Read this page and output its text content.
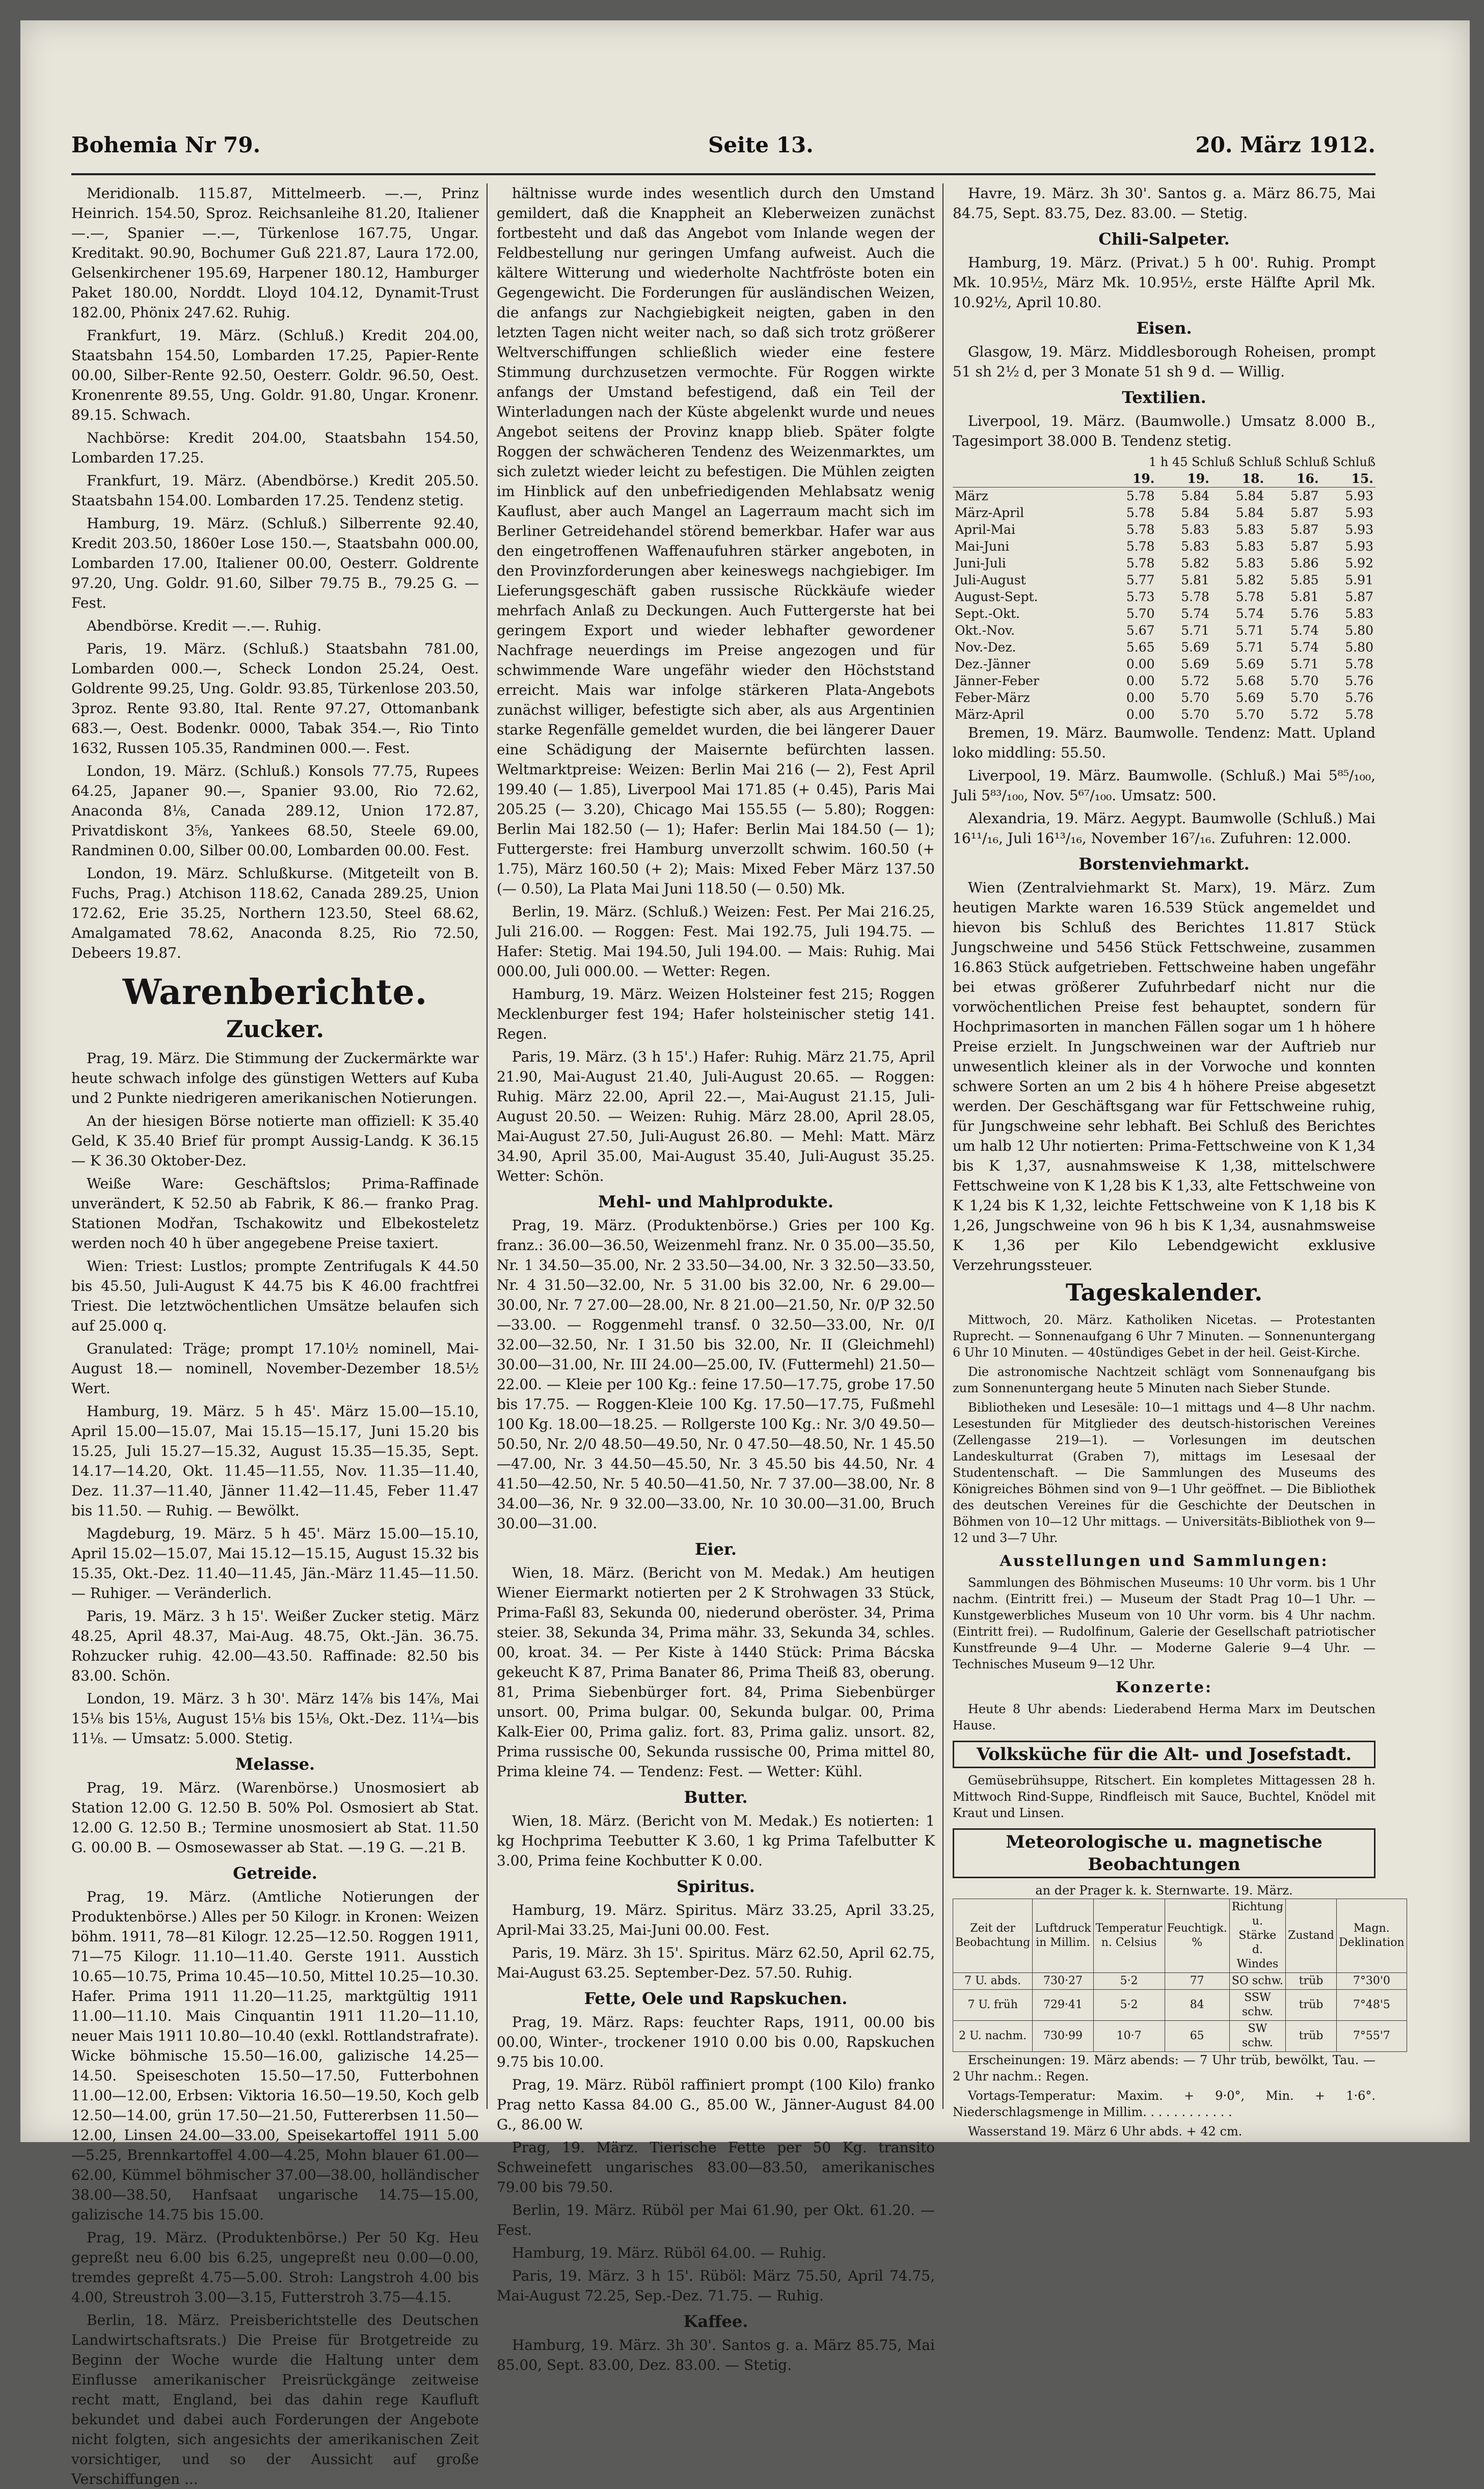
Bohemia Nr 79.	Seite 13.	20. März 1912.

Meridionalb. 115.87, Mittelmeerb. —.—, Prinz Heinrich. 154.50, Sproz. Reichsanleihe 81.20, Italiener —.—, Spanier —.—, Türkenlose 167.75, Ungar. Kreditakt. 90.90, Bochumer Guß 221.87, Laura 172.00, Gelsenkirchener 195.69, Harpener 180.12, Hamburger Paket 180.00, Norddt. Lloyd 104.12, Dynamit-Trust 182.00, Phönix 247.62. Ruhig.

Frankfurt, 19. März. (Schluß.) Kredit 204.00, Staatsbahn 154.50, Lombarden 17.25, Papier-Rente 00.00, Silber-Rente 92.50, Oesterr. Goldr. 96.50, Oest. Kronenrente 89.55, Ung. Goldr. 91.80, Ungar. Kronenr. 89.15. Schwach.

Nachbörse: Kredit 204.00, Staatsbahn 154.50, Lombarden 17.25.

Frankfurt, 19. März. (Abendbörse.) Kredit 205.50. Staatsbahn 154.00. Lombarden 17.25. Tendenz stetig.

Hamburg, 19. März. (Schluß.) Silberrente 92.40, Kredit 203.50, 1860er Lose 150.—, Staatsbahn 000.00, Lombarden 17.00, Italiener 00.00, Oesterr. Goldrente 97.20, Ung. Goldr. 91.60, Silber 79.75 B., 79.25 G. — Fest.

Abendbörse. Kredit —.—. Ruhig.

Paris, 19. März. (Schluß.) Staatsbahn 781.00, Lombarden 000.—, Scheck London 25.24, Oest. Goldrente 99.25, Ung. Goldr. 93.85, Türkenlose 203.50, 3proz. Rente 93.80, Ital. Rente 97.27, Ottomanbank 683.—, Oest. Bodenkr. 0000, Tabak 354.—, Rio Tinto 1632, Russen 105.35, Randminen 000.—. Fest.

London, 19. März. (Schluß.) Konsols 77.75, Rupees 64.25, Japaner 90.—, Spanier 93.00, Rio 72.62, Anaconda 8⅛, Canada 289.12, Union 172.87, Privatdiskont 3⅝, Yankees 68.50, Steele 69.00, Randminen 0.00, Silber 00.00, Lombarden 00.00. Fest.

London, 19. März. Schlußkurse. (Mitgeteilt von B. Fuchs, Prag.) Atchison 118.62, Canada 289.25, Union 172.62, Erie 35.25, Northern 123.50, Steel 68.62, Amalgamated 78.62, Anaconda 8.25, Rio 72.50, Debeers 19.87.

Warenberichte.
Zucker.

Prag, 19. März. Die Stimmung der Zuckermärkte war heute schwach infolge des günstigen Wetters auf Kuba und 2 Punkte niedrigeren amerikanischen Notierungen.

An der hiesigen Börse notierte man offiziell: K 35.40 Geld, K 35.40 Brief für prompt Aussig-Landg. K 36.15 — K 36.30 Oktober-Dez.

Weiße Ware: Geschäftslos; Prima-Raffinade unverändert, K 52.50 ab Fabrik, K 86.— franko Prag. Stationen Modřan, Tschakowitz und Elbekosteletz werden noch 40 h über angegebene Preise taxiert.

Wien: Triest: Lustlos; prompte Zentrifugals K 44.50 bis 45.50, Juli-August K 44.75 bis K 46.00 frachtfrei Triest. Die letztwöchentlichen Umsätze belaufen sich auf 25.000 q.

Granulated: Träge; prompt 17.10½ nominell, Mai-August 18.— nominell, November-Dezember 18.5½ Wert.

Hamburg, 19. März. 5 h 45'. März 15.00—15.10, April 15.00—15.07, Mai 15.15—15.17, Juni 15.20 bis 15.25, Juli 15.27—15.32, August 15.35—15.35, Sept. 14.17—14.20, Okt. 11.45—11.55, Nov. 11.35—11.40, Dez. 11.37—11.40, Jänner 11.42—11.45, Feber 11.47 bis 11.50. — Ruhig. — Bewölkt.

Magdeburg, 19. März. 5 h 45'. März 15.00—15.10, April 15.02—15.07, Mai 15.12—15.15, August 15.32 bis 15.35, Okt.-Dez. 11.40—11.45, Jän.-März 11.45—11.50. — Ruhiger. — Veränderlich.

Paris, 19. März. 3 h 15'. Weißer Zucker stetig. März 48.25, April 48.37, Mai-Aug. 48.75, Okt.-Jän. 36.75. Rohzucker ruhig. 42.00—43.50. Raffinade: 82.50 bis 83.00. Schön.

London, 19. März. 3 h 30'. März 14⅞ bis 14⅞, Mai 15⅛ bis 15⅛, August 15⅛ bis 15⅛, Okt.-Dez. 11¼—bis 11⅛. — Umsatz: 5.000. Stetig.

Melasse.

Prag, 19. März. (Warenbörse.) Unosmosiert ab Station 12.00 G. 12.50 B. 50% Pol. Osmosiert ab Stat. 12.00 G. 12.50 B.; Termine unosmosiert ab Stat. 11.50 G. 00.00 B. — Osmosewasser ab Stat. —.19 G. —.21 B.

Getreide.

Prag, 19. März. (Amtliche Notierungen der Produktenbörse.) Alles per 50 Kilogr. in Kronen: Weizen böhm. 1911, 78—81 Kilogr. 12.25—12.50. Roggen 1911, 71—75 Kilogr. 11.10—11.40. Gerste 1911. Ausstich 10.65—10.75, Prima 10.45—10.50, Mittel 10.25—10.30. Hafer. Prima 1911 11.20—11.25, marktgültig 1911 11.00—11.10. Mais Cinquantin 1911 11.20—11.10, neuer Mais 1911 10.80—10.40 (exkl. Rottlandstrafrate). Wicke böhmische 15.50—16.00, galizische 14.25—14.50. Speiseschoten 15.50—17.50, Futterbohnen 11.00—12.00, Erbsen: Viktoria 16.50—19.50, Koch gelb 12.50—14.00, grün 17.50—21.50, Futtererbsen 11.50—12.00, Linsen 24.00—33.00, Speisekartoffel 1911 5.00—5.25, Brennkartoffel 4.00—4.25, Mohn blauer 61.00—62.00, Kümmel böhmischer 37.00—38.00, holländischer 38.00—38.50, Hanfsaat ungarische 14.75—15.00, galizische 14.75 bis 15.00.

Prag, 19. März. (Produktenbörse.) Per 50 Kg. Heu gepreßt neu 6.00 bis 6.25, ungepreßt neu 0.00—0.00, tremdes gepreßt 4.75—5.00. Stroh: Langstroh 4.00 bis 4.00, Streustroh 3.00—3.15, Futterstroh 3.75—4.15.

Berlin, 18. März. Preisberichtstelle des Deutschen Landwirtschaftsrats.) Die Preise für Brotgetreide zu Beginn der Woche wurde die Haltung unter dem Einflusse amerikanischer Preisrückgänge zeitweise recht matt, England, bei das dahin rege Kaufluft bekundet und dabei auch Forderungen der Angebote nicht folgten, sich angesichts der amerikanischen Zeit vorsichtiger, und so der Aussicht auf große Verschiffungen ...

hältnisse wurde indes wesentlich durch den Umstand gemildert, daß die Knappheit an Kleberweizen zunächst fortbesteht und daß das Angebot vom Inlande wegen der Feldbestellung nur geringen Umfang aufweist. Auch die kältere Witterung und wiederholte Nachtfröste boten ein Gegengewicht. Die Forderungen für ausländischen Weizen, die anfangs zur Nachgiebigkeit neigten, gaben in den letzten Tagen nicht weiter nach, so daß sich trotz größerer Weltverschiffungen schließlich wieder eine festere Stimmung durchzusetzen vermochte. Für Roggen wirkte anfangs der Umstand befestigend, daß ein Teil der Winterladungen nach der Küste abgelenkt wurde und neues Angebot seitens der Provinz knapp blieb. Später folgte Roggen der schwächeren Tendenz des Weizenmarktes, um sich zuletzt wieder leicht zu befestigen. Die Mühlen zeigten im Hinblick auf den unbefriedigenden Mehlabsatz wenig Kauflust, aber auch Mangel an Lagerraum macht sich im Berliner Getreidehandel störend bemerkbar. Hafer war aus den eingetroffenen Waffenaufuhren stärker angeboten, in den Provinzforderungen aber keineswegs nachgiebiger. Im Lieferungsgeschäft gaben russische Rückkäufe wieder mehrfach Anlaß zu Deckungen. Auch Futtergerste hat bei geringem Export und wieder lebhafter gewordener Nachfrage neuerdings im Preise angezogen und für schwimmende Ware ungefähr wieder den Höchststand erreicht. Mais war infolge stärkeren Plata-Angebots zunächst williger, befestigte sich aber, als aus Argentinien starke Regenfälle gemeldet wurden, die bei längerer Dauer eine Schädigung der Maisernte befürchten lassen. Weltmarktpreise: Weizen: Berlin Mai 216 (— 2), Fest April 199.40 (— 1.85), Liverpool Mai 171.85 (+ 0.45), Paris Mai 205.25 (— 3.20), Chicago Mai 155.55 (— 5.80); Roggen: Berlin Mai 182.50 (— 1); Hafer: Berlin Mai 184.50 (— 1); Futtergerste: frei Hamburg unverzollt schwim. 160.50 (+ 1.75), März 160.50 (+ 2); Mais: Mixed Feber März 137.50 (— 0.50), La Plata Mai Juni 118.50 (— 0.50) Mk.

Berlin, 19. März. (Schluß.) Weizen: Fest. Per Mai 216.25, Juli 216.00. — Roggen: Fest. Mai 192.75, Juli 194.75. — Hafer: Stetig. Mai 194.50, Juli 194.00. — Mais: Ruhig. Mai 000.00, Juli 000.00. — Wetter: Regen.

Hamburg, 19. März. Weizen Holsteiner fest 215; Roggen Mecklenburger fest 194; Hafer holsteinischer stetig 141. Regen.

Paris, 19. März. (3 h 15'.) Hafer: Ruhig. März 21.75, April 21.90, Mai-August 21.40, Juli-August 20.65. — Roggen: Ruhig. März 22.00, April 22.—, Mai-August 21.15, Juli-August 20.50. — Weizen: Ruhig. März 28.00, April 28.05, Mai-August 27.50, Juli-August 26.80. — Mehl: Matt. März 34.90, April 35.00, Mai-August 35.40, Juli-August 35.25. Wetter: Schön.

Mehl- und Mahlprodukte.

Prag, 19. März. (Produktenbörse.) Gries per 100 Kg. franz.: 36.00—36.50, Weizenmehl franz. Nr. 0 35.00—35.50, Nr. 1 34.50—35.00, Nr. 2 33.50—34.00, Nr. 3 32.50—33.50, Nr. 4 31.50—32.00, Nr. 5 31.00 bis 32.00, Nr. 6 29.00—30.00, Nr. 7 27.00—28.00, Nr. 8 21.00—21.50, Nr. 0/P 32.50—33.00. — Roggenmehl transf. 0 32.50—33.00, Nr. 0/I 32.00—32.50, Nr. I 31.50 bis 32.00, Nr. II (Gleichmehl) 30.00—31.00, Nr. III 24.00—25.00, IV. (Futtermehl) 21.50—22.00. — Kleie per 100 Kg.: feine 17.50—17.75, grobe 17.50 bis 17.75. — Roggen-Kleie 100 Kg. 17.50—17.75, Fußmehl 100 Kg. 18.00—18.25. — Rollgerste 100 Kg.: Nr. 3/0 49.50—50.50, Nr. 2/0 48.50—49.50, Nr. 0 47.50—48.50, Nr. 1 45.50—47.00, Nr. 3 44.50—45.50, Nr. 3 45.50 bis 44.50, Nr. 4 41.50—42.50, Nr. 5 40.50—41.50, Nr. 7 37.00—38.00, Nr. 8 34.00—36, Nr. 9 32.00—33.00, Nr. 10 30.00—31.00, Bruch 30.00—31.00.

Eier.

Wien, 18. März. (Bericht von M. Medak.) Am heutigen Wiener Eiermarkt notierten per 2 K Strohwagen 33 Stück, Prima-Faßl 83, Sekunda 00, niederund oberöster. 34, Prima steier. 38, Sekunda 34, Prima mähr. 33, Sekunda 34, schles. 00, kroat. 34. — Per Kiste à 1440 Stück: Prima Bácska gekeucht K 87, Prima Banater 86, Prima Theiß 83, oberung. 81, Prima Siebenbürger fort. 84, Prima Siebenbürger unsort. 00, Prima bulgar. 00, Sekunda bulgar. 00, Prima Kalk-Eier 00, Prima galiz. fort. 83, Prima galiz. unsort. 82, Prima russische 00, Sekunda russische 00, Prima mittel 80, Prima kleine 74. — Tendenz: Fest. — Wetter: Kühl.

Butter.

Wien, 18. März. (Bericht von M. Medak.) Es notierten: 1 kg Hochprima Teebutter K 3.60, 1 kg Prima Tafelbutter K 3.00, Prima feine Kochbutter K 0.00.

Spiritus.

Hamburg, 19. März. Spiritus. März 33.25, April 33.25, April-Mai 33.25, Mai-Juni 00.00. Fest.

Paris, 19. März. 3h 15'. Spiritus. März 62.50, April 62.75, Mai-August 63.25. September-Dez. 57.50. Ruhig.

Fette, Oele und Rapskuchen.

Prag, 19. März. Raps: feuchter Raps, 1911, 00.00 bis 00.00, Winter-, trockener 1910 0.00 bis 0.00, Rapskuchen 9.75 bis 10.00.

Prag, 19. März. Rüböl raffiniert prompt (100 Kilo) franko Prag netto Kassa 84.00 G., 85.00 W., Jänner-August 84.00 G., 86.00 W.

Prag, 19. März. Tierische Fette per 50 Kg. transito Schweinefett ungarisches 83.00—83.50, amerikanisches 79.00 bis 79.50.

Berlin, 19. März. Rüböl per Mai 61.90, per Okt. 61.20. — Fest.

Hamburg, 19. März. Rüböl 64.00. — Ruhig.

Paris, 19. März. 3 h 15'. Rüböl: März 75.50, April 74.75, Mai-August 72.25, Sep.-Dez. 71.75. — Ruhig.

Kaffee.

Hamburg, 19. März. 3h 30'. Santos g. a. März 85.75, Mai 85.00, Sept. 83.00, Dez. 83.00. — Stetig.

Havre, 19. März. 3h 30'. Santos g. a. März 86.75, Mai 84.75, Sept. 83.75, Dez. 83.00. — Stetig.

Chili-Salpeter.

Hamburg, 19. März. (Privat.) 5 h 00'. Ruhig. Prompt Mk. 10.95½, März Mk. 10.95½, erste Hälfte April Mk. 10.92½, April 10.80.

Eisen.

Glasgow, 19. März. Middlesborough Roheisen, prompt 51 sh 2½ d, per 3 Monate 51 sh 9 d. — Willig.

Textilien.

Liverpool, 19. März. (Baumwolle.) Umsatz 8.000 B., Tagesimport 38.000 B. Tendenz stetig.

1 h 45 Schluß Schluß Schluß Schluß
	19.	19.	18.	16.	15.
März	5.78	5.84	5.84	5.87	5.93
März-April	5.78	5.84	5.84	5.87	5.93
April-Mai	5.78	5.83	5.83	5.87	5.93
Mai-Juni	5.78	5.83	5.83	5.87	5.93
Juni-Juli	5.78	5.82	5.83	5.86	5.92
Juli-August	5.77	5.81	5.82	5.85	5.91
August-Sept.	5.73	5.78	5.78	5.81	5.87
Sept.-Okt.	5.70	5.74	5.74	5.76	5.83
Okt.-Nov.	5.67	5.71	5.71	5.74	5.80
Nov.-Dez.	5.65	5.69	5.71	5.74	5.80
Dez.-Jänner	0.00	5.69	5.69	5.71	5.78
Jänner-Feber	0.00	5.72	5.68	5.70	5.76
Feber-März	0.00	5.70	5.69	5.70	5.76
März-April	0.00	5.70	5.70	5.72	5.78

Bremen, 19. März. Baumwolle. Tendenz: Matt. Upland loko middling: 55.50.

Liverpool, 19. März. Baumwolle. (Schluß.) Mai 5⁸⁵/₁₀₀, Juli 5⁸³/₁₀₀, Nov. 5⁶⁷/₁₀₀. Umsatz: 500.

Alexandria, 19. März. Aegypt. Baumwolle (Schluß.) Mai 16¹¹/₁₆, Juli 16¹³/₁₆, November 16⁷/₁₆. Zufuhren: 12.000.

Borstenviehmarkt.

Wien (Zentralviehmarkt St. Marx), 19. März. Zum heutigen Markte waren 16.539 Stück angemeldet und hievon bis Schluß des Berichtes 11.817 Stück Jungschweine und 5456 Stück Fettschweine, zusammen 16.863 Stück aufgetrieben. Fettschweine haben ungefähr bei etwas größerer Zufuhrbedarf nicht nur die vorwöchentlichen Preise fest behauptet, sondern für Hochprimasorten in manchen Fällen sogar um 1 h höhere Preise erzielt. In Jungschweinen war der Auftrieb nur unwesentlich kleiner als in der Vorwoche und konnten schwere Sorten an um 2 bis 4 h höhere Preise abgesetzt werden. Der Geschäftsgang war für Fettschweine ruhig, für Jungschweine sehr lebhaft. Bei Schluß des Berichtes um halb 12 Uhr notierten: Prima-Fettschweine von K 1,34 bis K 1,37, ausnahmsweise K 1,38, mittelschwere Fettschweine von K 1,28 bis K 1,33, alte Fettschweine von K 1,24 bis K 1,32, leichte Fettschweine von K 1,18 bis K 1,26, Jungschweine von 96 h bis K 1,34, ausnahmsweise K 1,36 per Kilo Lebendgewicht exklusive Verzehrungssteuer.

Tageskalender.

Mittwoch, 20. März. Katholiken Nicetas. — Protestanten Ruprecht. — Sonnenaufgang 6 Uhr 7 Minuten. — Sonnenuntergang 6 Uhr 10 Minuten. — 40stündiges Gebet in der heil. Geist-Kirche.

Die astronomische Nachtzeit schlägt vom Sonnenaufgang bis zum Sonnenuntergang heute 5 Minuten nach Sieber Stunde.

Bibliotheken und Lesesäle: 10—1 mittags und 4—8 Uhr nachm. Lesestunden für Mitglieder des deutsch-historischen Vereines (Zellengasse 219—1). — Vorlesungen im deutschen Landeskulturrat (Graben 7), mittags im Lesesaal der Studentenschaft. — Die Sammlungen des Museums des Königreiches Böhmen sind von 9—1 Uhr geöffnet. — Die Bibliothek des deutschen Vereines für die Geschichte der Deutschen in Böhmen von 10—12 Uhr mittags. — Universitäts-Bibliothek von 9—12 und 3—7 Uhr.

Ausstellungen und Sammlungen:

Sammlungen des Böhmischen Museums: 10 Uhr vorm. bis 1 Uhr nachm. (Eintritt frei.) — Museum der Stadt Prag 10—1 Uhr. — Kunstgewerbliches Museum von 10 Uhr vorm. bis 4 Uhr nachm. (Eintritt frei). — Rudolfinum, Galerie der Gesellschaft patriotischer Kunstfreunde 9—4 Uhr. — Moderne Galerie 9—4 Uhr. — Technisches Museum 9—12 Uhr.

Konzerte:

Heute 8 Uhr abends: Liederabend Herma Marx im Deutschen Hause.

Volksküche für die Alt- und Josefstadt.

Gemüsebrühsuppe, Ritschert. Ein kompletes Mittagessen 28 h. Mittwoch Rind-Suppe, Rindfleisch mit Sauce, Buchtel, Knödel mit Kraut und Linsen.

Meteorologische u. magnetische Beobachtungen
an der Prager k. k. Sternwarte. 19. März.
Zeit der Beobachtung	Luftdruck in Millim.	Temperatur n. Celsius	Feuchtigk. %	Richtung u. Stärke d. Windes	Zustand	Magn. Deklination
7 U. abds.	730·27	5·2	77	SO schw.	trüb	7°30'0
7 U. früh	729·41	5·2	84	SSW schw.	trüb	7°48'5
2 U. nachm.	730·99	10·7	65	SW schw.	trüb	7°55'7

Erscheinungen: 19. März abends: — 7 Uhr trüb, bewölkt, Tau. — 2 Uhr nachm.: Regen.

Vortags-Temperatur: Maxim. + 9·0°, Min. + 1·6°. Niederschlagsmenge in Millim. . . . . . . . . . . .

Wasserstand 19. März 6 Uhr abds. + 42 cm.
